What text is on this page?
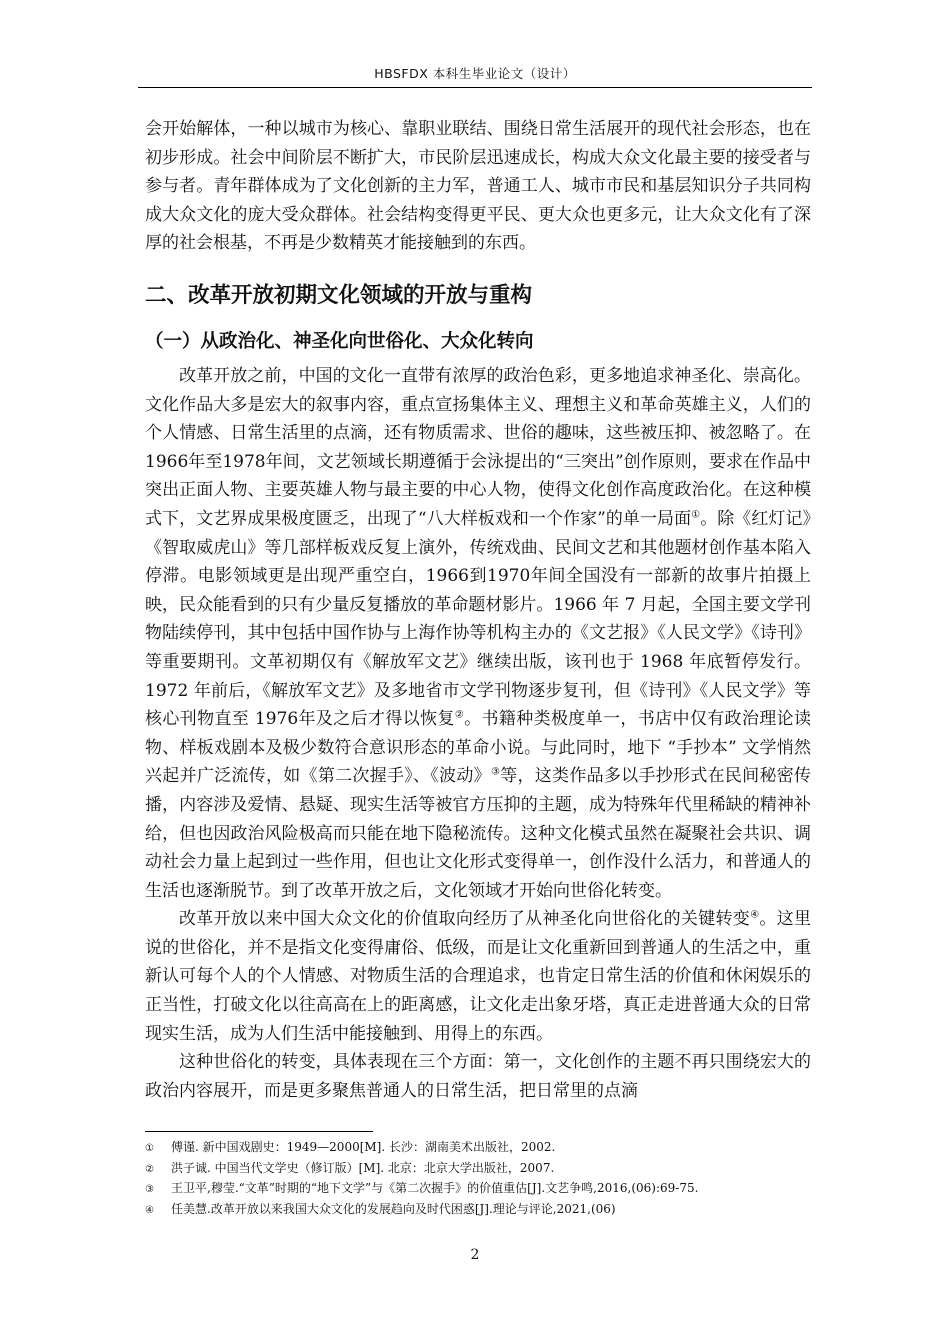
HBSFDX 本科生毕业论文（设计）

会开始解体，一种以城市为核心、靠职业联结、围绕日常生活展开的现代社会形态，也在初步形成。社会中间阶层不断扩大，市民阶层迅速成长，构成大众文化最主要的接受者与参与者。青年群体成为了文化创新的主力军，普通工人、城市市民和基层知识分子共同构成大众文化的庞大受众群体。社会结构变得更平民、更大众也更多元，让大众文化有了深厚的社会根基，不再是少数精英才能接触到的东西。

二、改革开放初期文化领域的开放与重构
（一）从政治化、神圣化向世俗化、大众化转向

改革开放之前，中国的文化一直带有浓厚的政治色彩，更多地追求神圣化、崇高化。文化作品大多是宏大的叙事内容，重点宣扬集体主义、理想主义和革命英雄主义，人们的个人情感、日常生活里的点滴，还有物质需求、世俗的趣味，这些被压抑、被忽略了。在1966年至1978年间，文艺领域长期遵循于会泳提出的“三突出”创作原则，要求在作品中突出正面人物、主要英雄人物与最主要的中心人物，使得文化创作高度政治化。在这种模式下，文艺界成果极度匮乏，出现了“八大样板戏和一个作家”的单一局面①。除《红灯记》《智取威虎山》等几部样板戏反复上演外，传统戏曲、民间文艺和其他题材创作基本陷入停滞。电影领域更是出现严重空白，1966到1970年间全国没有一部新的故事片拍摄上映，民众能看到的只有少量反复播放的革命题材影片。1966 年 7 月起，全国主要文学刊物陆续停刊，其中包括中国作协与上海作协等机构主办的《文艺报》《人民文学》《诗刊》等重要期刊。文革初期仅有《解放军文艺》继续出版，该刊也于 1968 年底暂停发行。1972 年前后，《解放军文艺》及多地省市文学刊物逐步复刊，但《诗刊》《人民文学》等核心刊物直至 1976年及之后才得以恢复②。书籍种类极度单一，书店中仅有政治理论读物、样板戏剧本及极少数符合意识形态的革命小说。与此同时，地下 “手抄本” 文学悄然兴起并广泛流传，如《第二次握手》、《波动》③等，这类作品多以手抄形式在民间秘密传播，内容涉及爱情、悬疑、现实生活等被官方压抑的主题，成为特殊年代里稀缺的精神补给，但也因政治风险极高而只能在地下隐秘流传。这种文化模式虽然在凝聚社会共识、调动社会力量上起到过一些作用，但也让文化形式变得单一，创作没什么活力，和普通人的生活也逐渐脱节。到了改革开放之后，文化领域才开始向世俗化转变。

改革开放以来中国大众文化的价值取向经历了从神圣化向世俗化的关键转变④。这里说的世俗化，并不是指文化变得庸俗、低级，而是让文化重新回到普通人的生活之中，重新认可每个人的个人情感、对物质生活的合理追求，也肯定日常生活的价值和休闲娱乐的正当性，打破文化以往高高在上的距离感，让文化走出象牙塔，真正走进普通大众的日常现实生活，成为人们生活中能接触到、用得上的东西。

这种世俗化的转变，具体表现在三个方面：第一，文化创作的主题不再只围绕宏大的政治内容展开，而是更多聚焦普通人的日常生活，把日常里的点滴

① 傅谨. 新中国戏剧史：1949—2000[M]. 长沙：湖南美术出版社，2002.

② 洪子诚. 中国当代文学史（修订版）[M]. 北京：北京大学出版社，2007.

③ 王卫平,穆莹.“文革”时期的“地下文学”与《第二次握手》的价值重估[J].文艺争鸣,2016,(06):69-75.

④ 任美慧.改革开放以来我国大众文化的发展趋向及时代困惑[J].理论与评论,2021,(06)

2
